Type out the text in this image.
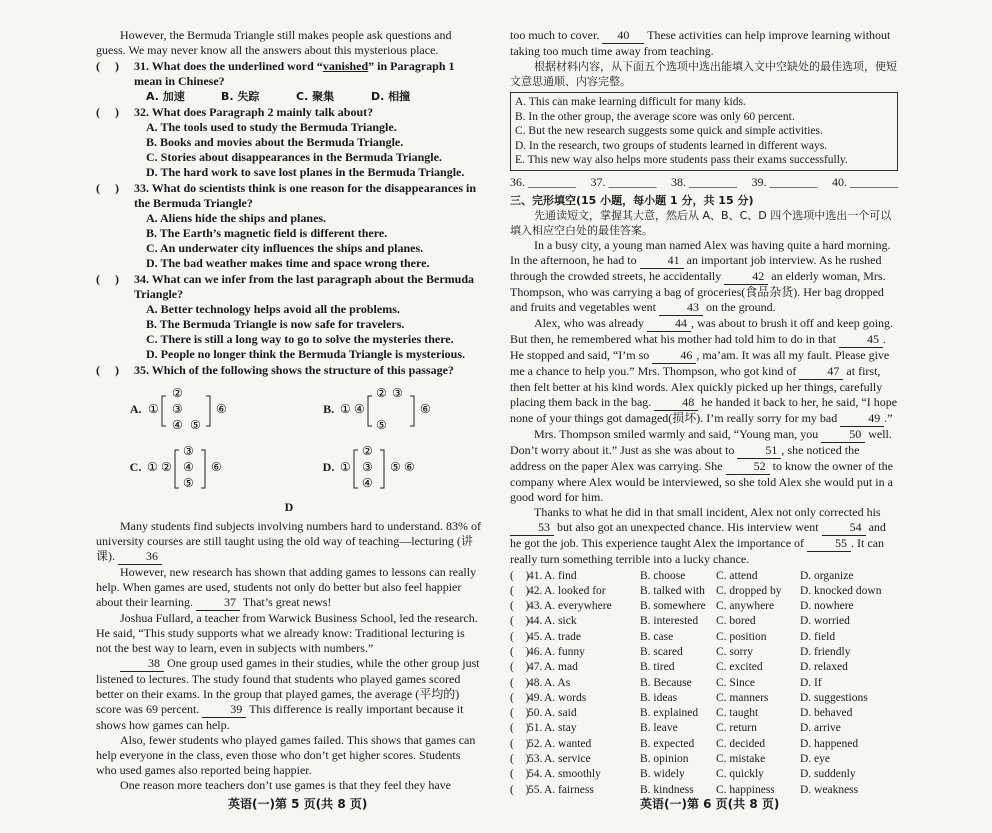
However, the Bermuda Triangle still makes people ask questions and guess. We may never know all the answers about this mysterious place.

(     )	31. What does the underlined word “vanished” in Paragraph 1 mean in Chinese?
A. 加速	B. 失踪	C. 聚集	D. 相撞
(     )	32. What does Paragraph 2 mainly talk about?

A. The tools used to study the Bermuda Triangle.

B. Books and movies about the Bermuda Triangle.

C. Stories about disappearances in the Bermuda Triangle.

D. The hard work to save lost planes in the Bermuda Triangle.

(     )	33. What do scientists think is one reason for the disappearances in the Bermuda Triangle?

A. Aliens hide the ships and planes.

B. The Earth’s magnetic field is different there.

C. An underwater city influences the ships and planes.

D. The bad weather makes time and space wrong there.

(     )	34. What can we infer from the last paragraph about the Bermuda Triangle?

A. Better technology helps avoid all the problems.

B. The Bermuda Triangle is now safe for travelers.

C. There is still a long way to go to solve the mysteries there.

D. People no longer think the Bermuda Triangle is mysterious.

(     )	35. Which of the following shows the structure of this passage?
A. ①
②
③
④ ⑤
⑥	B. ① ④
② ③
⑤
⑥
C. ① ②
③
④
⑤
⑥	D. ①
②
③
④
⑤ ⑥

D

Many students find subjects involving numbers hard to understand. 83% of university courses are still taught using the old way of teaching—lecturing (讲课).	36

However, new research has shown that adding games to lessons can really help. When games are used, students not only do better but also feel happier about their learning.	37 That’s great news!

Joshua Fullard, a teacher from Warwick Business School, led the research. He said, “This study supports what we already know: Traditional lecturing is not the best way to learn, even in subjects with numbers.”

38 One group used games in their studies, while the other group just listened to lectures. The study found that students who played games scored better on their exams. In the group that played games, the average (平均的) score was 69 percent.	39 This difference is really important because it shows how games can help.

Also, fewer students who played games failed. This shows that games can help everyone in the class, even those who don’t get higher scores. Students who used games also reported being happier.

One reason more teachers don’t use games is that they feel they have

too much to cover. 40 These activities can help improve learning without taking too much time away from teaching.

根据材料内容，从下面五个选项中选出能填入文中空缺处的最佳选项，使短文意思通顺、内容完整。

A. This can make learning difficult for many kids.

B. In the other group, the average score was only 60 percent.

C. But the new research suggests some quick and simple activities.

D. In the research, two groups of students learned in different ways.

E. This new way also helps more students pass their exams successfully.

36. ________ 37. ________ 38. ________ 39. ________ 40. ________

三、完形填空(15 小题，每小题 1 分，共 15 分)

先通读短文，掌握其大意，然后从 A、B、C、D 四个选项中选出一个可以填入相应空白处的最佳答案。

In a busy city, a young man named Alex was having quite a hard morning. In the afternoon, he had to	41 an important job interview. As he rushed through the crowded streets, he accidentally	42 an elderly woman, Mrs. Thompson, who was carrying a bag of groceries(食品杂货). Her bag dropped and fruits and vegetables went	43 on the ground.

Alex, who was already	44 , was about to brush it off and keep going. But then, he remembered what his mother had told him to do in that	45 . He stopped and said, “I’m so	46 , ma’am. It was all my fault. Please give me a chance to help you.” Mrs. Thompson, who got kind of	47 at first, then felt better at his kind words. Alex quickly picked up her things, carefully placing them back in the bag.	48 he handed it back to her, he said, “I hope none of your things got damaged(损坏). I’m really sorry for my bad	49 .”

Mrs. Thompson smiled warmly and said, “Young man, you	50 well. Don’t worry about it.” Just as she was about to	51 , she noticed the address on the paper Alex was carrying. She	52 to know the owner of the company where Alex would be interviewed, so she told Alex she would put in a good word for him.

Thanks to what he did in that small incident, Alex not only corrected his 53 but also got an unexpected chance. His interview went	54 and he got the job. This experience taught Alex the importance of	55 . It can really turn something terrible into a lucky chance.

(    )
41. A. find	B. choose	C. attend	D. organize
(    )
42. A. looked for	B. talked with C. dropped by	D. knocked down
(    )
43. A. everywhere	B. somewhere C. anywhere	D. nowhere
(    )
44. A. sick	B. interested	C. bored	D. worried
(    )
45. A. trade	B. case	C. position	D. field
(    )
46. A. funny	B. scared	C. sorry	D. friendly
(    )
47. A. mad	B. tired	C. excited	D. relaxed
(    )
48. A. As	B. Because	C. Since	D. If
(    )
49. A. words	B. ideas	C. manners	D. suggestions
(    )
50. A. said	B. explained	C. taught	D. behaved
(    )
51. A. stay	B. leave	C. return	D. arrive
(    )
52. A. wanted	B. expected	C. decided	D. happened
(    )
53. A. service	B. opinion	C. mistake	D. eye
(    )
54. A. smoothly	B. widely	C. quickly	D. suddenly
(    )
55. A. fairness	B. kindness	C. happiness	D. weakness
英语(一)第 5 页(共 8 页)	英语(一)第 6 页(共 8 页)
